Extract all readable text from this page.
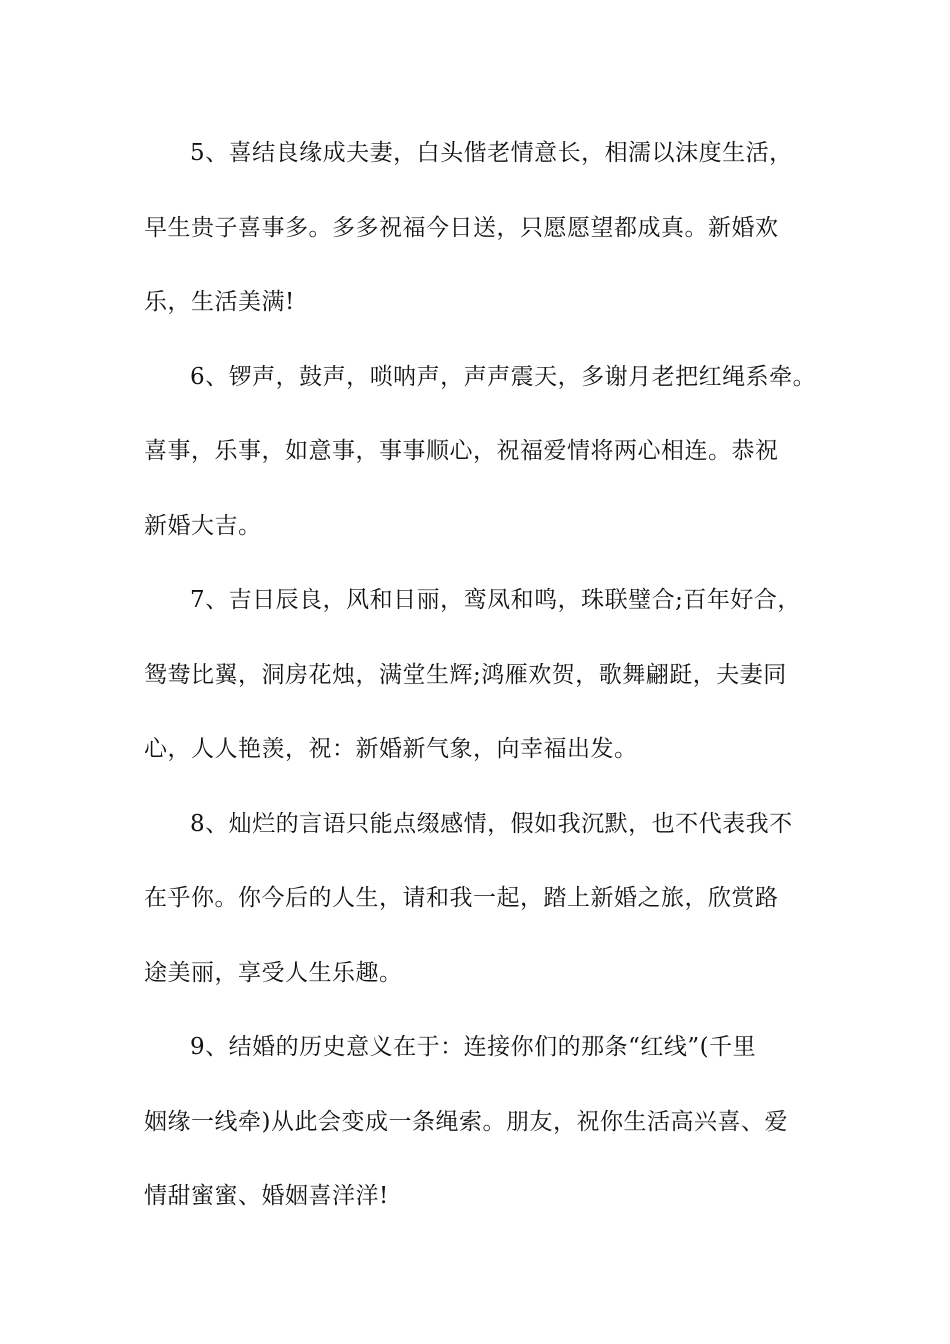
5、喜结良缘成夫妻，白头偕老情意长，相濡以沫度生活，
早生贵子喜事多。多多祝福今日送，只愿愿望都成真。新婚欢
乐，生活美满!
6、锣声，鼓声，唢呐声，声声震天，多谢月老把红绳系牵。
喜事，乐事，如意事，事事顺心，祝福爱情将两心相连。恭祝
新婚大吉。
7、吉日辰良，风和日丽，鸾凤和鸣，珠联璧合;百年好合，
鸳鸯比翼，洞房花烛，满堂生辉;鸿雁欢贺，歌舞翩跹，夫妻同
心，人人艳羡，祝：新婚新气象，向幸福出发。
8、灿烂的言语只能点缀感情，假如我沉默，也不代表我不
在乎你。你今后的人生，请和我一起，踏上新婚之旅，欣赏路
途美丽，享受人生乐趣。
9、结婚的历史意义在于：连接你们的那条“红线”(千里
姻缘一线牵)从此会变成一条绳索。朋友，祝你生活高兴喜、爱
情甜蜜蜜、婚姻喜洋洋!
